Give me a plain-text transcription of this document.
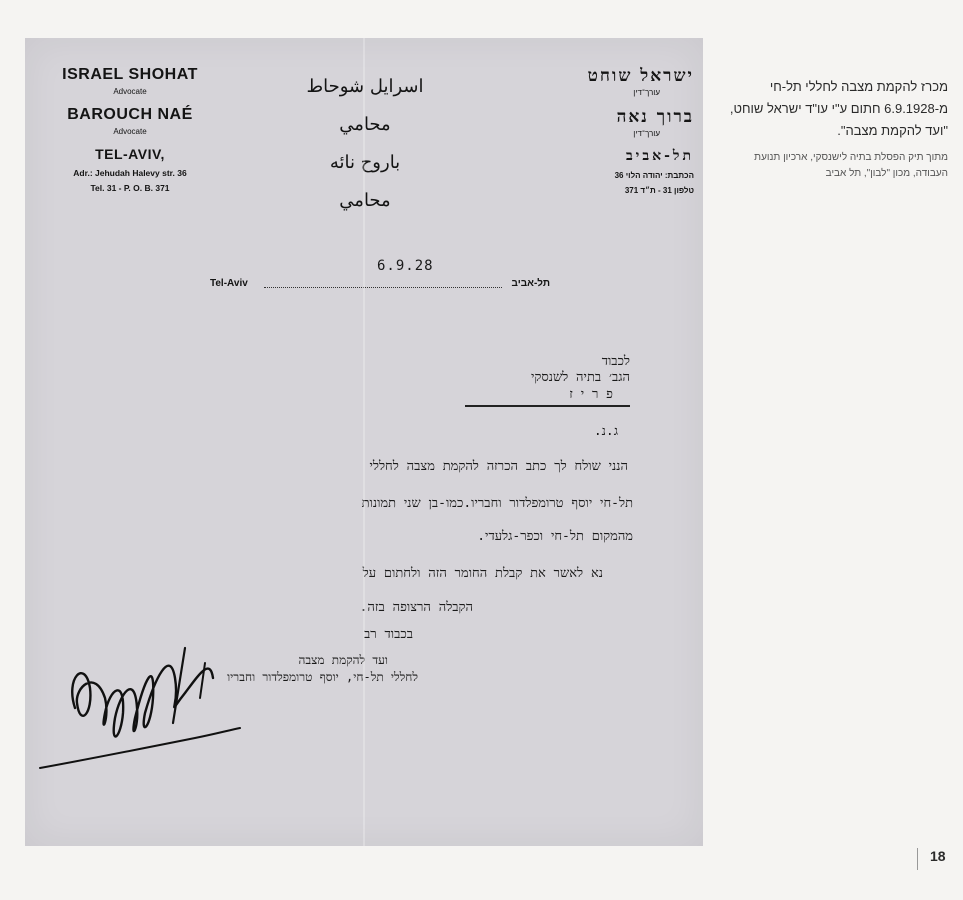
ISRAEL SHOHAT
Advocate
BAROUCH NAÉ
Advocate
TEL-AVIV,
Adr.: Jehudah Halevy str. 36
Tel. 31 - P. O. B. 371
اسرايل شوحاط
محامي
باروح نائه
محامي
ישראל שוחט
עורך־דין
ברוך נאה
עורך־דין
תל-אביב
הכתבת: יהודה הלוי 36
טלפון 31 - ת״ד 371
6.9.28
Tel-Aviv	תל-אביב
לכבוד
הגב׳ בתיה לשנסקי
פ ר י ז
ג.נ.
הנני שולח לך כתב הכרזה להקמת מצבה לחללי
תל-חי יוסף טרומפלדור וחבריו.כמו-בן שני תמונות
מהמקום תל-חי וכפר-גלעדי.
נא לאשר את קבלת החומר הזה ולחתום על
הקבלה הרצופה בזה.
בכבוד רב
ועד להקמת מצבה
לחללי תל-חי, יוסף טרומפלדור וחבריו
מכרז להקמת מצבה לחללי תל-חי מ-6.9.1928 חתום ע"י עו"ד ישראל שוחט, "ועד להקמת מצבה".
מתוך תיק הפסלת בתיה לישנסקי, ארכיון תנועת העבודה, מכון "לבון", תל אביב
18
